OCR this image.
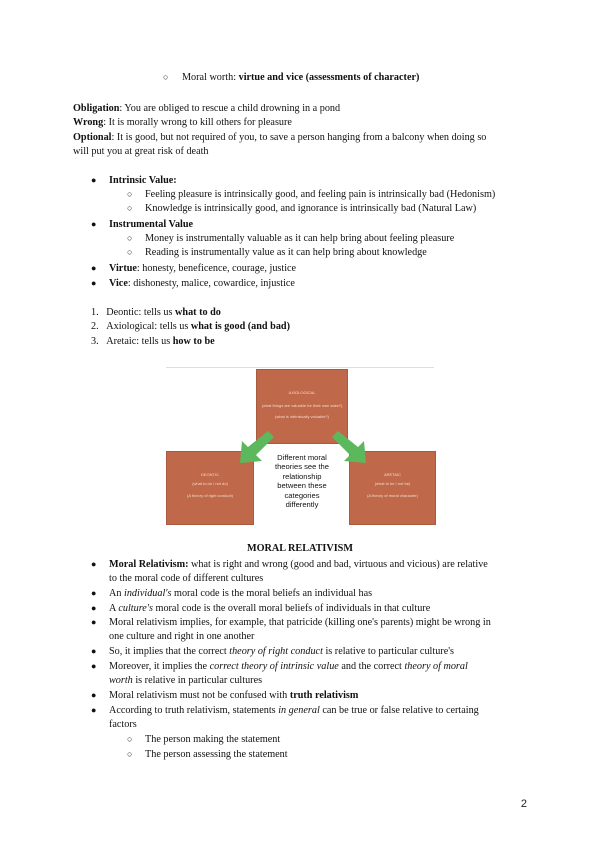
○ Moral worth: virtue and vice (assessments of character)
Obligation: You are obliged to rescue a child drowning in a pond
Wrong: It is morally wrong to kill others for pleasure
Optional: It is good, but not required of you, to save a person hanging from a balcony when doing so
will put you at great risk of death
● Intrinsic Value:
○ Feeling pleasure is intrinsically good, and feeling pain is intrinsically bad (Hedonism)
○ Knowledge is intrinsically good, and ignorance is intrinsically bad (Natural Law)
● Instrumental Value
○ Money is instrumentally valuable as it can help bring about feeling pleasure
○ Reading is instrumentally value as it can help bring about knowledge
● Virtue: honesty, beneficence, courage, justice
● Vice: dishonesty, malice, cowardice, injustice
1. Deontic: tells us what to do
2. Axiological: tells us what is good (and bad)
3. Aretaic: tells us how to be
AXIOLOGICAL
(what things are valuable for their own sake?)
(what is intrinsically valuable?)
DEONTIC
(what to do / not do)
(A theory of right conduct)
ARETAIC
(what to be / not be)
(A theory of moral character)
Different moral
theories see the
relationship
between these
categories
differently
MORAL RELATIVISM
● Moral Relativism: what is right and wrong (good and bad, virtuous and vicious) are relative
to the moral code of different cultures
● An individual's moral code is the moral beliefs an individual has
● A culture's moral code is the overall moral beliefs of individuals in that culture
● Moral relativism implies, for example, that patricide (killing one's parents) might be wrong in
one culture and right in one another
● So, it implies that the correct theory of right conduct is relative to particular culture's
● Moreover, it implies the correct theory of intrinsic value and the correct theory of moral
worth is relative in particular cultures
● Moral relativism must not be confused with truth relativism
● According to truth relativism, statements in general can be true or false relative to certaing
factors
○ The person making the statement
○ The person assessing the statement
2
